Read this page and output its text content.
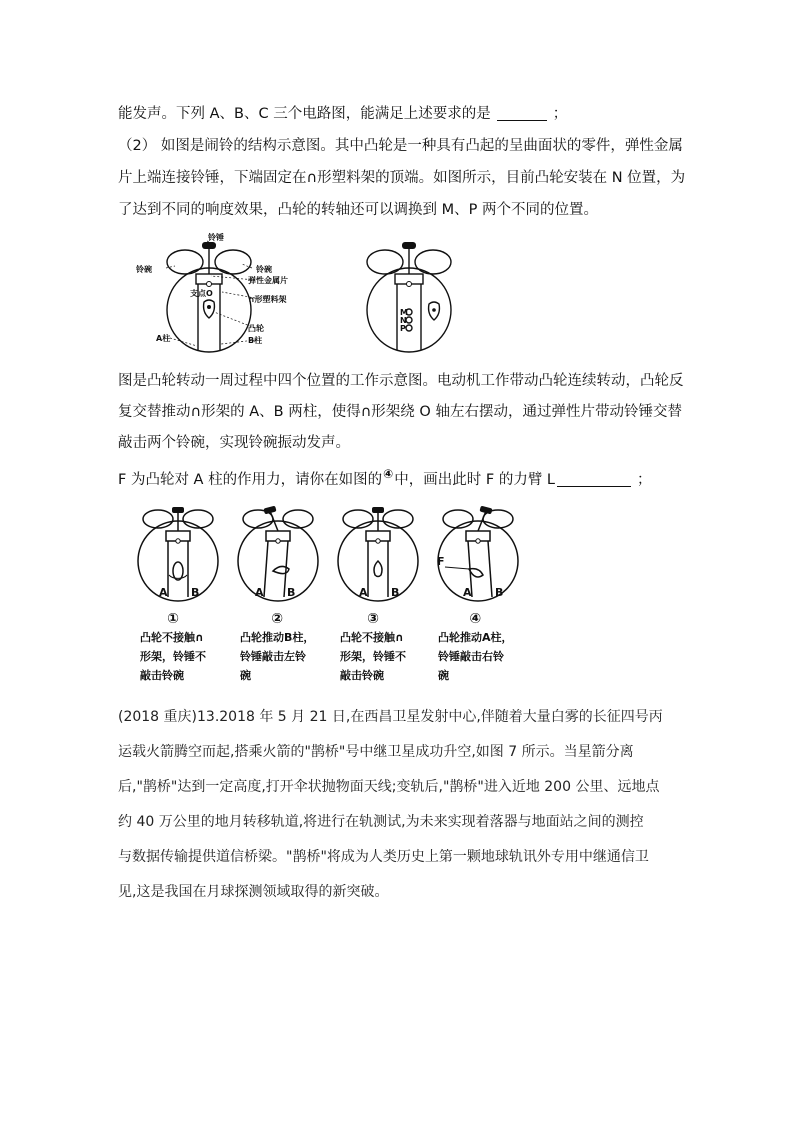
能发声。下列 A、B、C 三个电路图，能满足上述要求的是	；

（2） 如图是闹铃的结构示意图。其中凸轮是一种具有凸起的呈曲面状的零件，弹性金属
片上端连接铃锤，下端固定在∩形塑料架的顶端。如图所示，目前凸轮安装在 N 位置，为
了达到不同的响度效果，凸轮的转轴还可以调换到 M、P 两个不同的位置。

铃锤
铃碗	铃碗
弹性金属片
支点O
∩形塑料架
凸轮
A柱	B柱
M
N
P

图是凸轮转动一周过程中四个位置的工作示意图。电动机工作带动凸轮连续转动，凸轮反
复交替推动∩形架的 A、B 两柱，使得∩形架绕 O 轴左右摆动，通过弹性片带动铃锤交替
敲击两个铃碗，实现铃碗振动发声。
F 为凸轮对 A 柱的作用力，请你在如图的④中，画出此时 F 的力臂 L	；

A B	A B	A B
F
A B
①
凸轮不接触∩
形架，铃锤不
敲击铃碗
②
凸轮推动B柱，
铃锤敲击左铃
碗
③
凸轮不接触∩
形架，铃锤不
敲击铃碗
④
凸轮推动A柱，
铃锤敲击右铃
碗

(2018 重庆)13.2018 年 5 月 21 日,在西昌卫星发射中心,伴随着大量白雾的长征四号丙
运载火箭腾空而起,搭乘火箭的"鹊桥"号中继卫星成功升空,如图 7 所示。当星箭分离
后,"鹊桥"达到一定高度,打开伞状抛物面天线;变轨后,"鹊桥"进入近地 200 公里、远地点
约 40 万公里的地月转移轨道,将进行在轨测试,为未来实现着落器与地面站之间的测控
与数据传输提供道信桥梁。"鹊桥"将成为人类历史上第一颗地球轨讯外专用中继通信卫
见,这是我国在月球探测领域取得的新突破。
